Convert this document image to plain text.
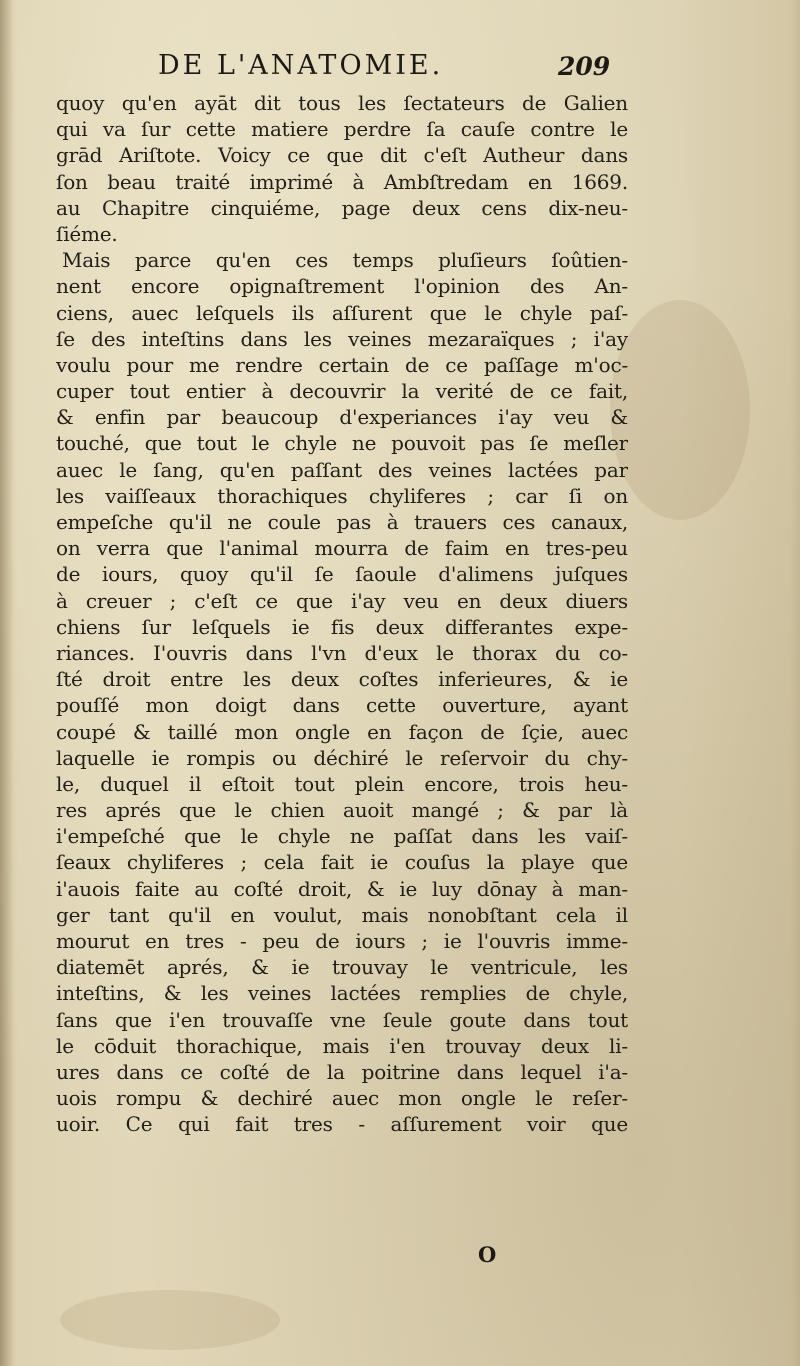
DE L'ANATOMIE.	209
quoy qu'en ayāt dit tous les ſectateurs de Galien
qui va ſur cette matiere perdre ſa cauſe contre le
grād Ariſtote. Voicy ce que dit c'eſt Autheur dans
ſon beau traité imprimé à Ambſtredam en 1669.
au Chapitre cinquiéme, page deux cens dix-neu-
ſiéme.
Mais parce qu'en ces temps pluſieurs ſoûtien-
nent encore opignaſtrement l'opinion des An-
ciens, auec leſquels ils aſſurent que le chyle paſ-
ſe des inteſtins dans les veines mezaraïques ; i'ay
voulu pour me rendre certain de ce paſſage m'oc-
cuper tout entier à decouvrir la verité de ce fait,
& enfin par beaucoup d'experiances i'ay veu &
touché, que tout le chyle ne pouvoit pas ſe meſler
auec le ſang, qu'en paſſant des veines lactées par
les vaiſſeaux thorachiques chyliferes ; car ſi on
empeſche qu'il ne coule pas à trauers ces canaux,
on verra que l'animal mourra de faim en tres-peu
de iours, quoy qu'il ſe ſaoule d'alimens juſques
à creuer ; c'eſt ce que i'ay veu en deux diuers
chiens ſur leſquels ie fis deux differantes expe-
riances. I'ouvris dans l'vn d'eux le thorax du co-
ſté droit entre les deux coſtes inferieures, & ie
pouſſé mon doigt dans cette ouverture, ayant
coupé & taillé mon ongle en façon de ſçie, auec
laquelle ie rompis ou déchiré le reſervoir du chy-
le, duquel il eſtoit tout plein encore, trois heu-
res aprés que le chien auoit mangé ; & par là
i'empeſché que le chyle ne paſſat dans les vaiſ-
ſeaux chyliferes ; cela fait ie couſus la playe que
i'auois faite au coſté droit, & ie luy dōnay à man-
ger tant qu'il en voulut, mais nonobſtant cela il
mourut en tres - peu de iours ; ie l'ouvris imme-
diatemēt aprés, & ie trouvay le ventricule, les
inteſtins, & les veines lactées remplies de chyle,
ſans que i'en trouvaſſe vne ſeule goute dans tout
le cōduit thorachique, mais i'en trouvay deux li-
ures dans ce coſté de la poitrine dans lequel i'a-
uois rompu & dechiré auec mon ongle le reſer-
uoir. Ce qui fait tres - aſſurement voir que
O
